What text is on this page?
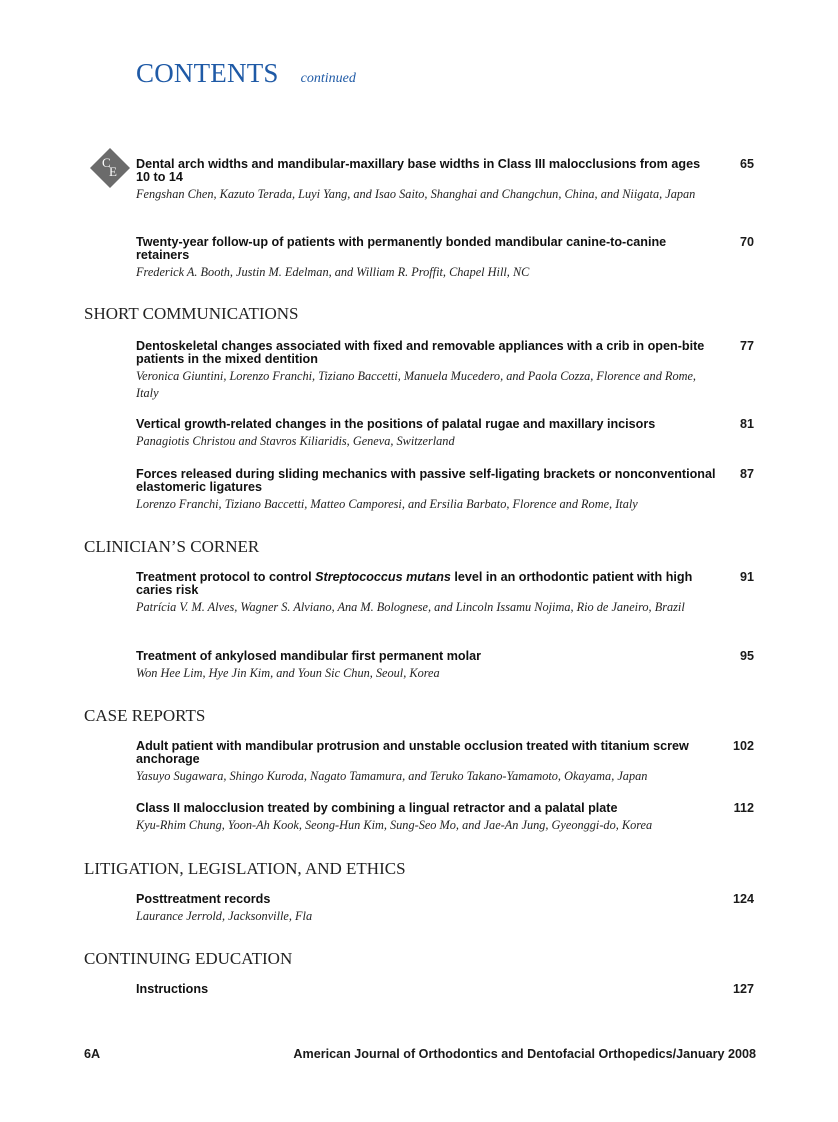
CONTENTS continued
C
E Dental arch widths and mandibular-maxillary base widths in Class III malocclusions from ages 10 to 14
Fengshan Chen, Kazuto Terada, Luyi Yang, and Isao Saito, Shanghai and Changchun, China, and Niigata, Japan
65
Twenty-year follow-up of patients with permanently bonded mandibular canine-to-canine retainers
Frederick A. Booth, Justin M. Edelman, and William R. Proffit, Chapel Hill, NC
70
SHORT COMMUNICATIONS
Dentoskeletal changes associated with fixed and removable appliances with a crib in open-bite patients in the mixed dentition
Veronica Giuntini, Lorenzo Franchi, Tiziano Baccetti, Manuela Mucedero, and Paola Cozza, Florence and Rome, Italy
77
Vertical growth-related changes in the positions of palatal rugae and maxillary incisors
Panagiotis Christou and Stavros Kiliaridis, Geneva, Switzerland
81
Forces released during sliding mechanics with passive self-ligating brackets or nonconventional elastomeric ligatures
Lorenzo Franchi, Tiziano Baccetti, Matteo Camporesi, and Ersilia Barbato, Florence and Rome, Italy
87
CLINICIAN’S CORNER
Treatment protocol to control Streptococcus mutans level in an orthodontic patient with high caries risk
Patrícia V. M. Alves, Wagner S. Alviano, Ana M. Bolognese, and Lincoln Issamu Nojima, Rio de Janeiro, Brazil
91
Treatment of ankylosed mandibular first permanent molar
Won Hee Lim, Hye Jin Kim, and Youn Sic Chun, Seoul, Korea
95
CASE REPORTS
Adult patient with mandibular protrusion and unstable occlusion treated with titanium screw anchorage
Yasuyo Sugawara, Shingo Kuroda, Nagato Tamamura, and Teruko Takano-Yamamoto, Okayama, Japan
102
Class II malocclusion treated by combining a lingual retractor and a palatal plate
Kyu-Rhim Chung, Yoon-Ah Kook, Seong-Hun Kim, Sung-Seo Mo, and Jae-An Jung, Gyeonggi-do, Korea
112
LITIGATION, LEGISLATION, AND ETHICS
Posttreatment records
Laurance Jerrold, Jacksonville, Fla
124
CONTINUING EDUCATION
Instructions	127
6A	American Journal of Orthodontics and Dentofacial Orthopedics/January 2008
